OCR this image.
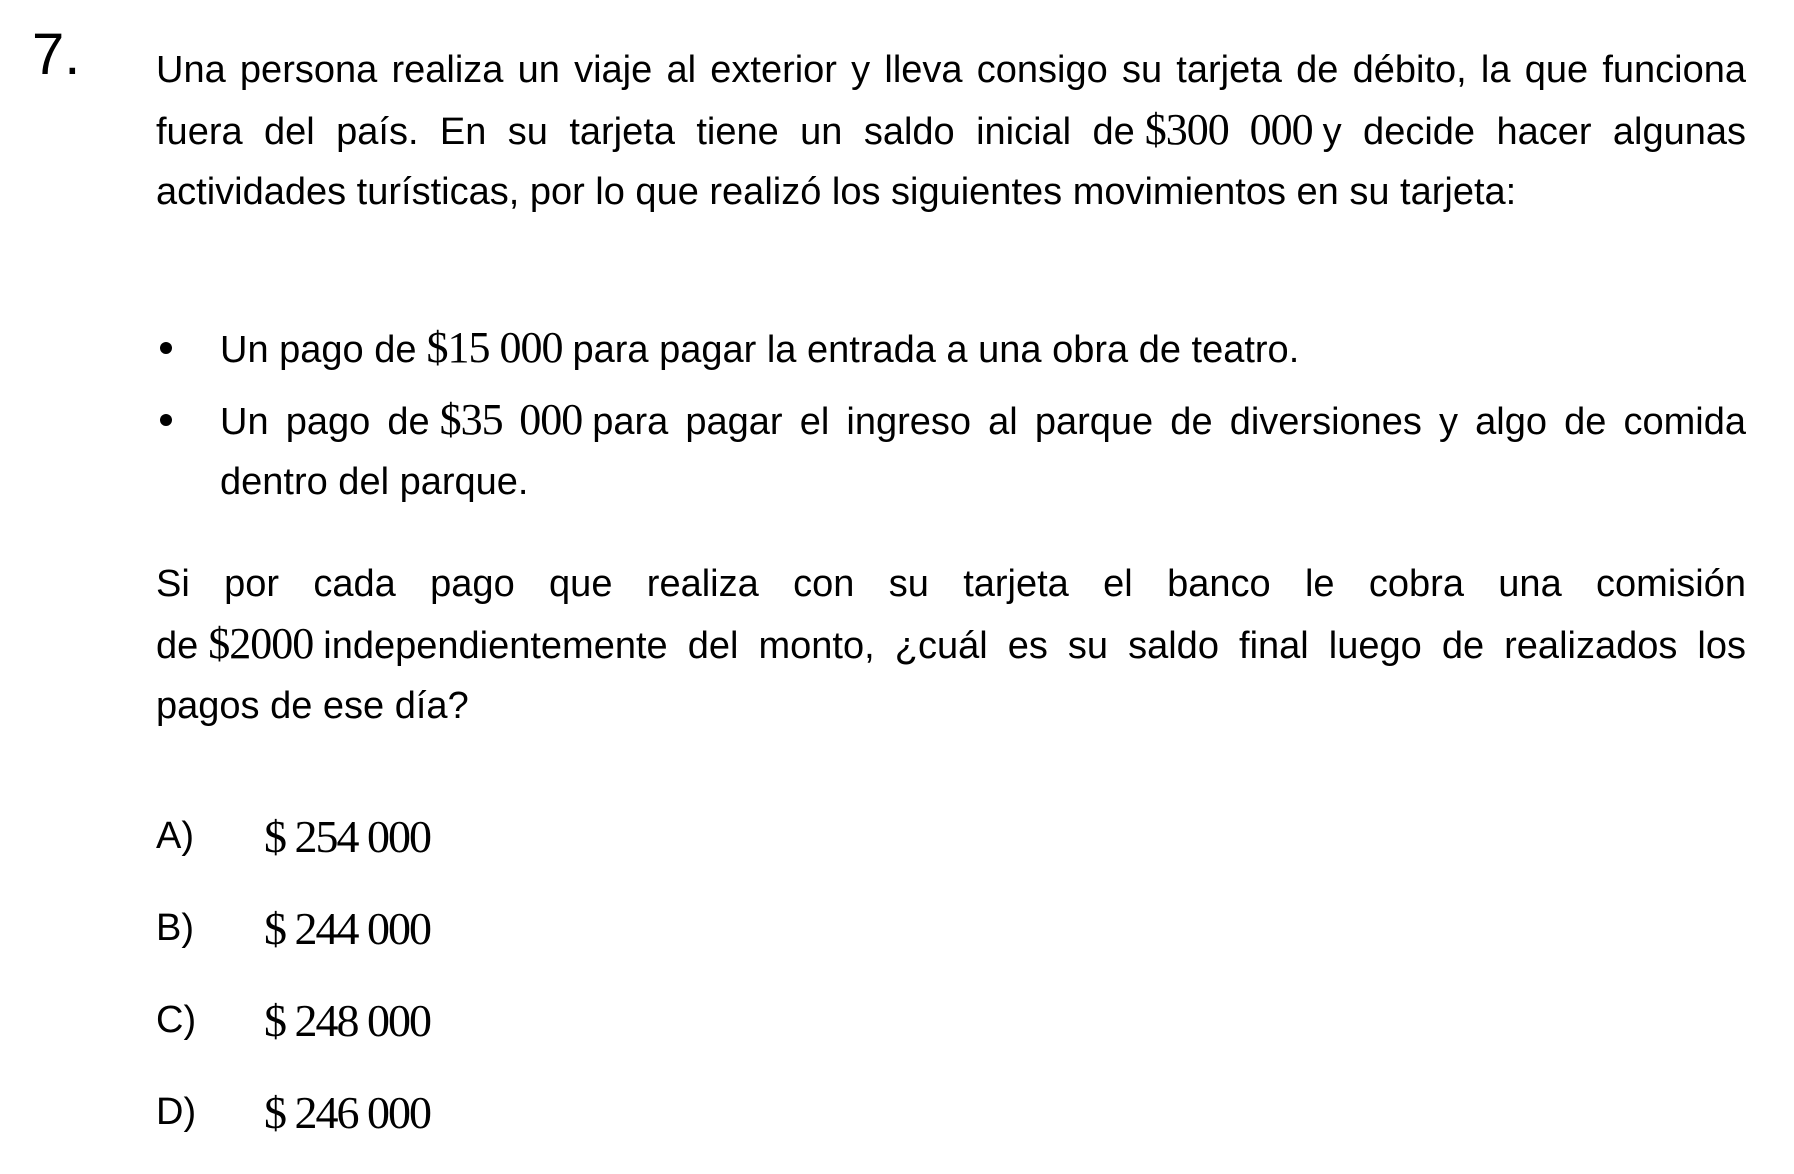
7. Una persona realiza un viaje al exterior y lleva consigo su tarjeta de débito, la que funciona fuera del país. En su tarjeta tiene un saldo inicial de $300 000 y decide hacer algunas actividades turísticas, por lo que realizó los siguientes movimientos en su tarjeta:
Un pago de $15 000 para pagar la entrada a una obra de teatro.
Un pago de $35 000 para pagar el ingreso al parque de diversiones y algo de comida dentro del parque.
Si por cada pago que realiza con su tarjeta el banco le cobra una comisión de $2000 independientemente del monto, ¿cuál es su saldo final luego de realizados los pagos de ese día?
A)	$ 254 000
B)	$ 244 000
C)	$ 248 000
D)	$ 246 000
